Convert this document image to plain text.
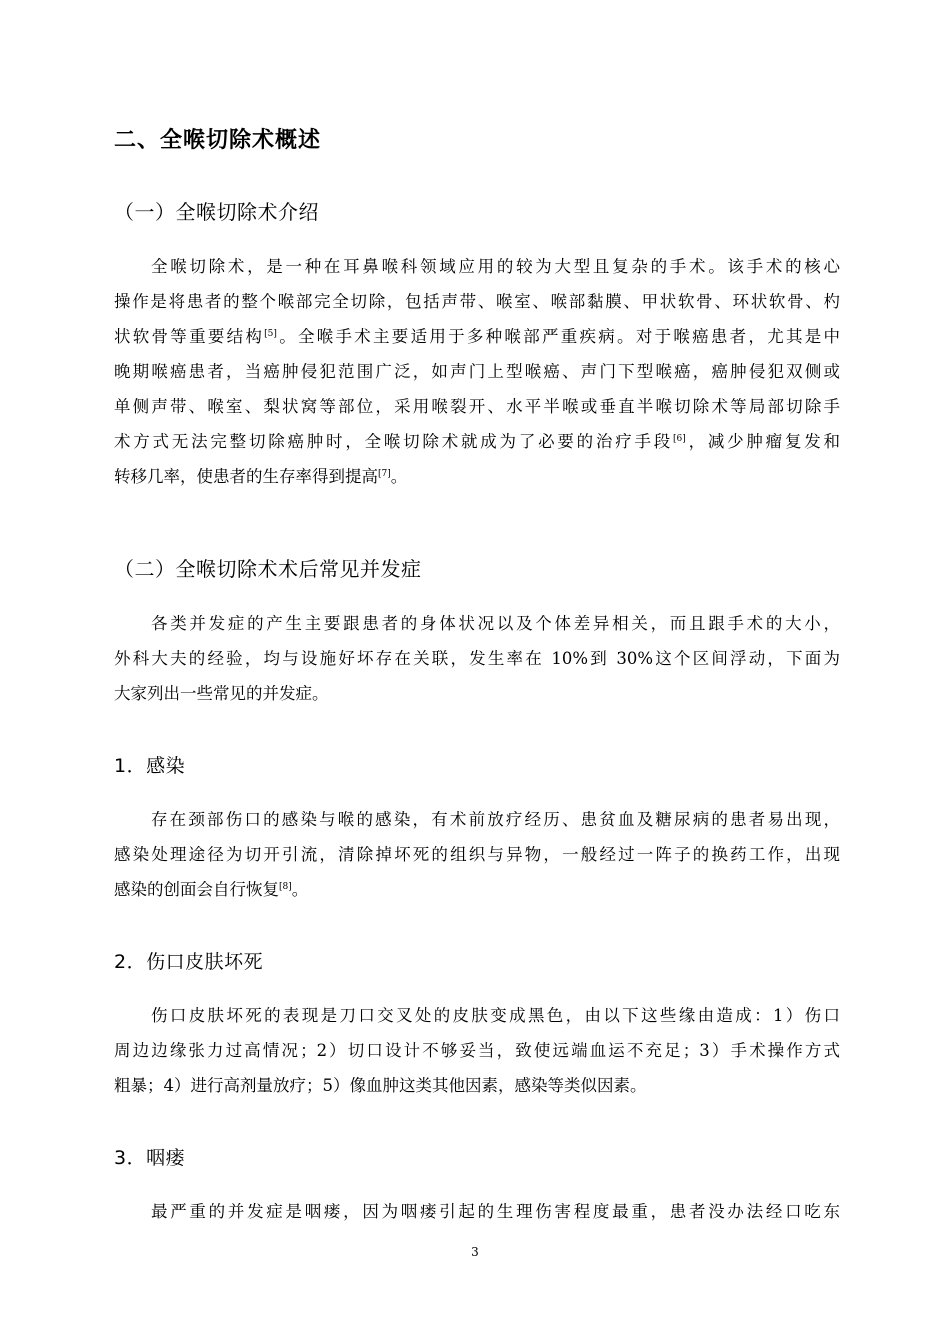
二、全喉切除术概述
（一）全喉切除术介绍
全喉切除术，是一种在耳鼻喉科领域应用的较为大型且复杂的手术。该手术的核心
操作是将患者的整个喉部完全切除，包括声带、喉室、喉部黏膜、甲状软骨、环状软骨、杓
状软骨等重要结构[5]。全喉手术主要适用于多种喉部严重疾病。对于喉癌患者，尤其是中
晚期喉癌患者，当癌肿侵犯范围广泛，如声门上型喉癌、声门下型喉癌，癌肿侵犯双侧或
单侧声带、喉室、梨状窝等部位，采用喉裂开、水平半喉或垂直半喉切除术等局部切除手
术方式无法完整切除癌肿时，全喉切除术就成为了必要的治疗手段[6]，减少肿瘤复发和
转移几率，使患者的生存率得到提高[7]。
（二）全喉切除术术后常见并发症
各类并发症的产生主要跟患者的身体状况以及个体差异相关，而且跟手术的大小，
外科大夫的经验，均与设施好坏存在关联，发生率在 10%到 30%这个区间浮动，下面为
大家列出一些常见的并发症。
1．感染
存在颈部伤口的感染与喉的感染，有术前放疗经历、患贫血及糖尿病的患者易出现，
感染处理途径为切开引流，清除掉坏死的组织与异物，一般经过一阵子的换药工作，出现
感染的创面会自行恢复[8]。
2．伤口皮肤坏死
伤口皮肤坏死的表现是刀口交叉处的皮肤变成黑色，由以下这些缘由造成：1）伤口
周边边缘张力过高情况；2）切口设计不够妥当，致使远端血运不充足；3）手术操作方式
粗暴；4）进行高剂量放疗；5）像血肿这类其他因素，感染等类似因素。
3．咽瘘
最严重的并发症是咽瘘，因为咽瘘引起的生理伤害程度最重，患者没办法经口吃东
3
